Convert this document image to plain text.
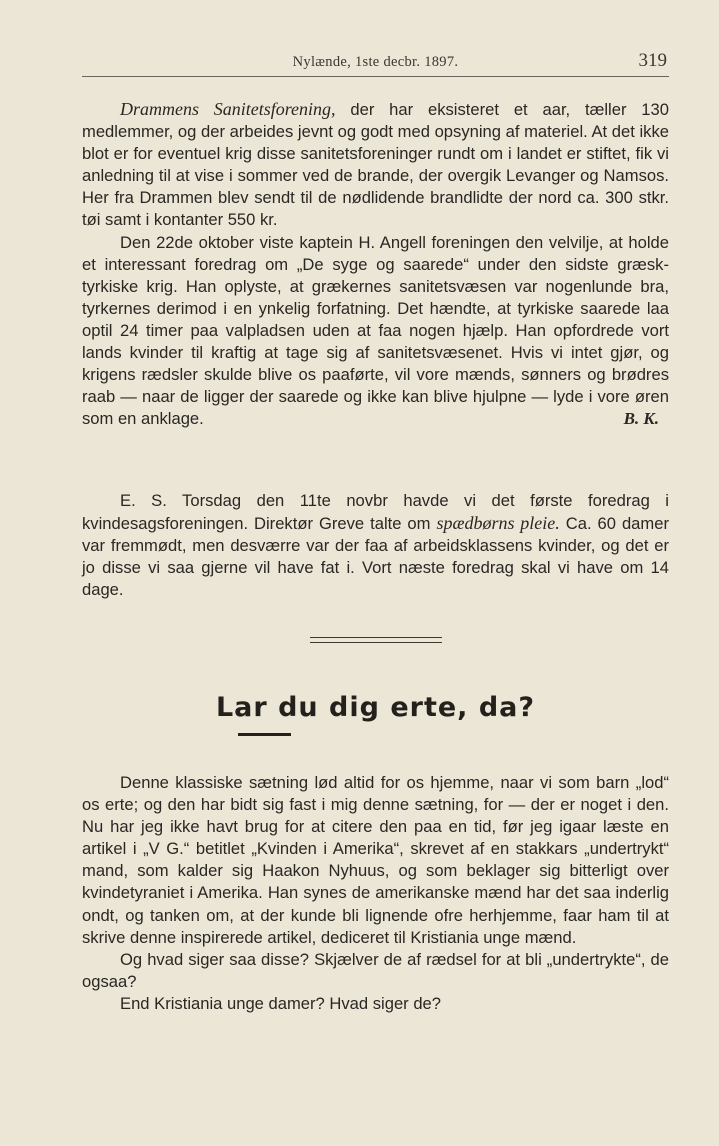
Nylænde, 1ste decbr. 1897.	319

Drammens Sanitetsforening, der har eksisteret et aar, tæller 130 medlemmer, og der arbeides jevnt og godt med opsyning af materiel. At det ikke blot er for eventuel krig disse sanitetsforeninger rundt om i landet er stiftet, fik vi anledning til at vise i sommer ved de brande, der overgik Levanger og Namsos. Her fra Drammen blev sendt til de nødlidende brandlidte der nord ca. 300 stkr. tøi samt i kontanter 550 kr.

Den 22de oktober viste kaptein H. Angell foreningen den velvilje, at holde et interessant foredrag om „De syge og saarede“ under den sidste græsk-tyrkiske krig. Han oplyste, at grækernes sanitetsvæsen var nogenlunde bra, tyrkernes derimod i en ynkelig forfatning. Det hændte, at tyrkiske saarede laa optil 24 timer paa valpladsen uden at faa nogen hjælp. Han opfordrede vort lands kvinder til kraftig at tage sig af sanitetsvæsenet. Hvis vi intet gjør, og krigens rædsler skulde blive os paaførte, vil vore mænds, sønners og brødres raab — naar de ligger der saarede og ikke kan blive hjulpne — lyde i vore øren som en anklage.	B. K.

E. S. Torsdag den 11te novbr havde vi det første foredrag i kvindesagsforeningen. Direktør Greve talte om spædbørns pleie. Ca. 60 damer var fremmødt, men desværre var der faa af arbeidsklassens kvinder, og det er jo disse vi saa gjerne vil have fat i. Vort næste foredrag skal vi have om 14 dage.

Lar du dig erte, da?

Denne klassiske sætning lød altid for os hjemme, naar vi som barn „lod“ os erte; og den har bidt sig fast i mig denne sætning, for — der er noget i den. Nu har jeg ikke havt brug for at citere den paa en tid, før jeg igaar læste en artikel i „V G.“ betitlet „Kvinden i Amerika“, skrevet af en stakkars „undertrykt“ mand, som kalder sig Haakon Nyhuus, og som beklager sig bitterligt over kvindetyraniet i Amerika. Han synes de amerikanske mænd har det saa inderlig ondt, og tanken om, at der kunde bli lignende ofre herhjemme, faar ham til at skrive denne inspirerede artikel, dediceret til Kristiania unge mænd.

Og hvad siger saa disse? Skjælver de af rædsel for at bli „undertrykte“, de ogsaa?

End Kristiania unge damer? Hvad siger de?
